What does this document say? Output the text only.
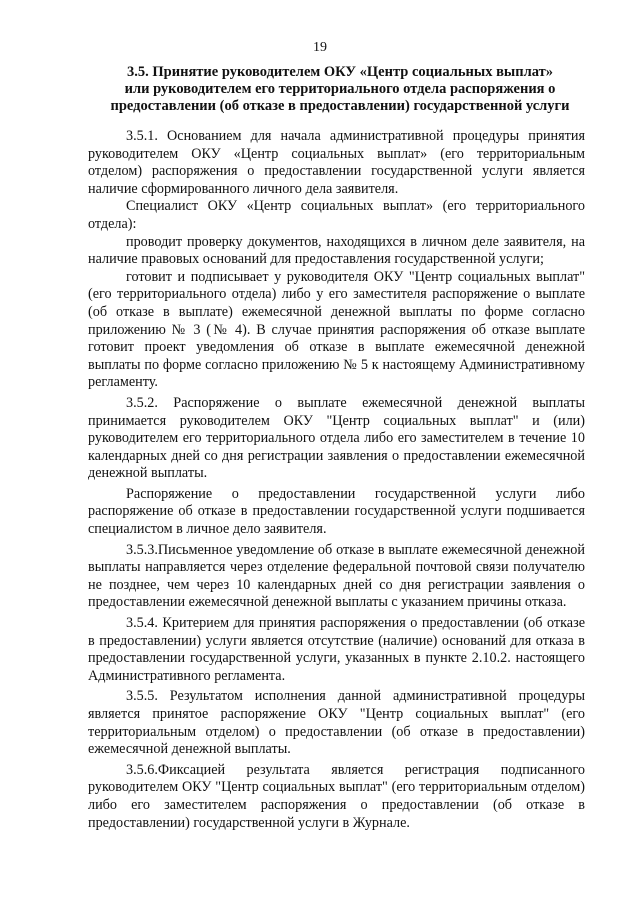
19
3.5. Принятие руководителем ОКУ «Центр социальных выплат»
или руководителем его территориального отдела распоряжения о
предоставлении (об отказе в предоставлении) государственной услуги

3.5.1. Основанием для начала административной процедуры принятия руководителем ОКУ «Центр социальных выплат» (его территориальным отделом) распоряжения о предоставлении государственной услуги является наличие сформированного личного дела заявителя.

Специалист ОКУ «Центр социальных выплат» (его территориального отдела):

проводит проверку документов, находящихся в личном деле заявителя, на наличие правовых оснований для предоставления государственной услуги;

готовит и подписывает у руководителя ОКУ "Центр социальных выплат" (его территориального отдела) либо у его заместителя распоряжение о выплате (об отказе в выплате) ежемесячной денежной выплаты по форме согласно приложению № 3 (№ 4). В случае принятия распоряжения об отказе выплате готовит проект уведомления об отказе в выплате ежемесячной денежной выплаты по форме согласно приложению № 5 к настоящему Административному регламенту.

3.5.2. Распоряжение о выплате ежемесячной денежной выплаты принимается руководителем ОКУ "Центр социальных выплат" и (или) руководителем его территориального отдела либо его заместителем в течение 10 календарных дней со дня регистрации заявления о предоставлении ежемесячной денежной выплаты.

Распоряжение о предоставлении государственной услуги либо распоряжение об отказе в предоставлении государственной услуги подшивается специалистом в личное дело заявителя.

3.5.3.Письменное уведомление об отказе в выплате ежемесячной денежной выплаты направляется через отделение федеральной почтовой связи получателю не позднее, чем через 10 календарных дней со дня регистрации заявления о предоставлении ежемесячной денежной выплаты с указанием причины отказа.

3.5.4. Критерием для принятия распоряжения о предоставлении (об отказе в предоставлении) услуги является отсутствие (наличие) оснований для отказа в предоставлении государственной услуги, указанных в пункте 2.10.2. настоящего Административного регламента.

3.5.5. Результатом исполнения данной административной процедуры является принятое распоряжение ОКУ "Центр социальных выплат" (его территориальным отделом) о предоставлении (об отказе в предоставлении) ежемесячной денежной выплаты.

3.5.6.Фиксацией результата является регистрация подписанного руководителем ОКУ "Центр социальных выплат" (его территориальным отделом) либо его заместителем распоряжения о предоставлении (об отказе в предоставлении) государственной услуги в Журнале.
